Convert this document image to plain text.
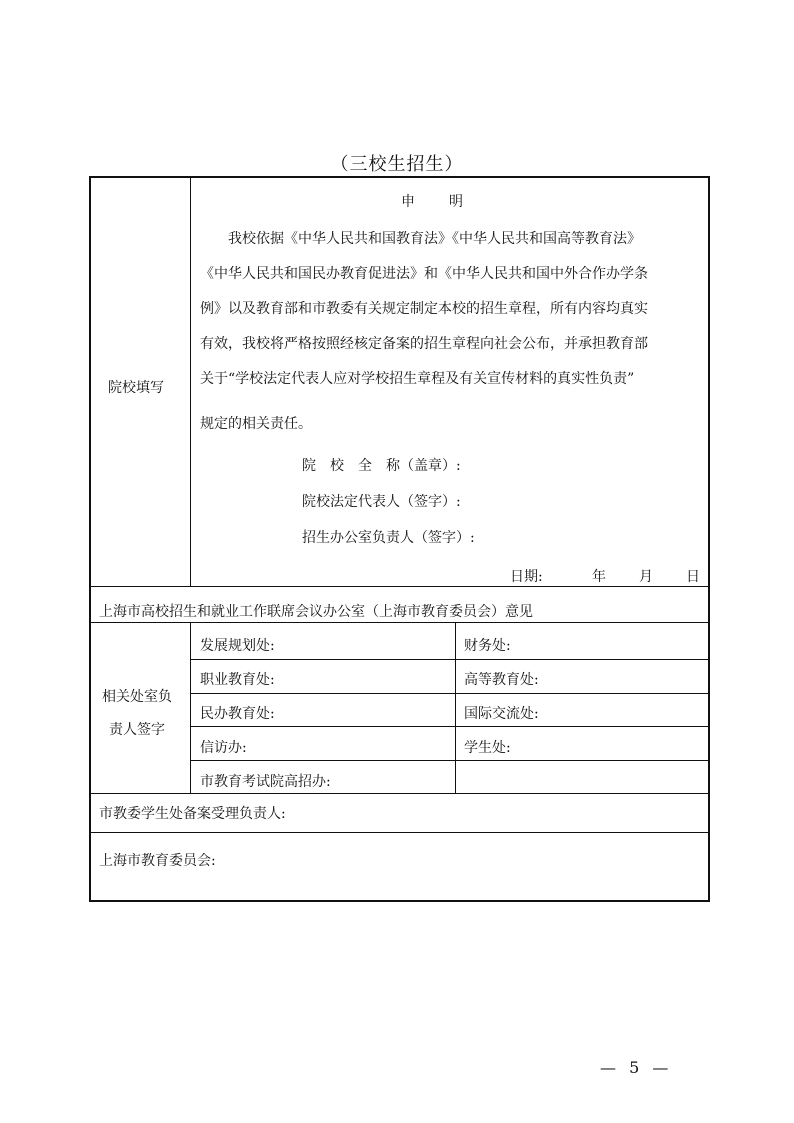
（三校生招生）
院校填写
申　　明
我校依据《中华人民共和国教育法》《中华人民共和国高等教育法》
《中华人民共和国民办教育促进法》和《中华人民共和国中外合作办学条
例》以及教育部和市教委有关规定制定本校的招生章程，所有内容均真实
有效，我校将严格按照经核定备案的招生章程向社会公布，并承担教育部
关于“学校法定代表人应对学校招生章程及有关宣传材料的真实性负责”
规定的相关责任。
院　校　全　称（盖章）:
院校法定代表人（签字）:
招生办公室负责人（签字）:
日期:	年 月 日
上海市高校招生和就业工作联席会议办公室（上海市教育委员会）意见
相关处室负
责人签字
发展规划处:	财务处:
职业教育处:	高等教育处:
民办教育处:	国际交流处:
信访办:	学生处:
市教育考试院高招办:
市教委学生处备案受理负责人:
上海市教育委员会:
— 5 —
